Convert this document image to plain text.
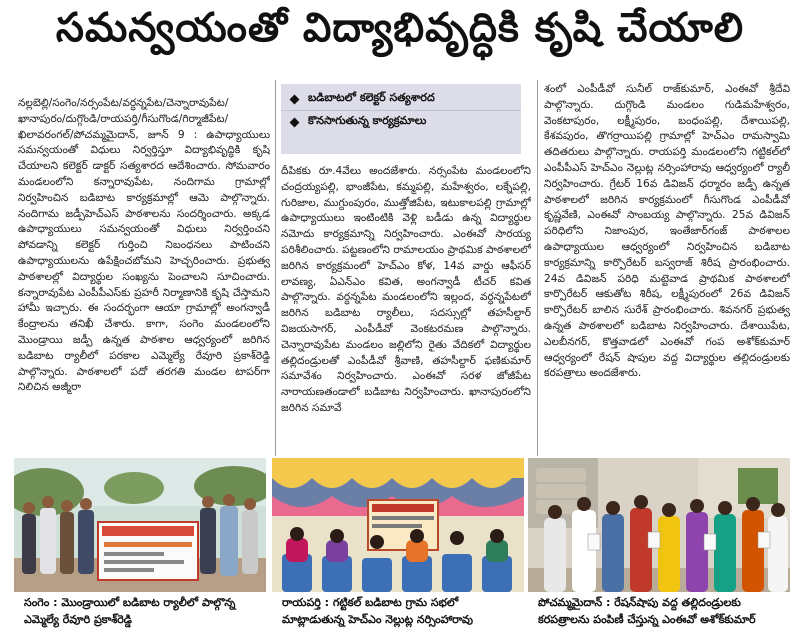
సమన్వయంతో విద్యాభివృద్ధికి కృషి చేయాలి
బడిబాటలో కలెక్టర్ సత్యశారద
కొనసాగుతున్న కార్యక్రమాలు

నల్లబెల్లి/సంగెం/నర్సంపేట/వర్ధన్నపేట/చెన్నారావుపేట/ఖానాపురం/దుగ్గొండి/రాయపర్తి/గీసుగొండ/గిర్మాజీపేట/ఖిలావరంగల్/పోచమ్మమైదాన్, జూన్ 9 : ఉపాధ్యాయులు సమన్వయంతో విధులు నిర్వర్తిస్తూ విద్యాభివృద్ధికి కృషి చేయాలని కలెక్టర్ డాక్టర్ సత్యశారద ఆదేశించారు. సోమవారం మండలంలోని కన్నారావుపేట, నందిగామ గ్రామాల్లో నిర్వహించిన బడిబాట కార్యక్రమాల్లో ఆమె పాల్గొన్నారు. నందిగామ జడ్పీహెచ్ఎస్ పాఠశాలను సందర్శించారు. అక్కడ ఉపాధ్యాయులు సమన్వయంతో విధులు నిర్వర్తించని పోవడాన్ని కలెక్టర్ గుర్తించి నిబంధనలు పాటించని ఉపాధ్యాయులను ఉపేక్షించబోమని హెచ్చరించారు. ప్రభుత్వ పాఠశాలల్లో విద్యార్థుల సంఖ్యను పెంచాలని సూచించారు. కన్నారావుపేట ఎంపీపీఎస్‌కు ప్రహరీ నిర్మాణానికి కృషి చేస్తామని హామీ ఇచ్చారు. ఈ సందర్భంగా ఆయా గ్రామాల్లో అంగన్వాడీ కేంద్రాలను తనిఖీ చేశారు. కాగా, సంగెం మండలంలోని మొండ్రాయి జడ్పీ ఉన్నత పాఠశాల ఆధ్వర్యంలో జరిగిన బడిబాట ర్యాలీలో పరకాల ఎమ్మెల్యే రేవూరి ప్రకాశ్‌రెడ్డి పాల్గొన్నారు. పాఠశాలలో పదో తరగతి మండల టాపర్‌గా నిలిచిన అజ్మీరా

దీపికకు రూ.4వేలు అందజేశారు. నర్సంపేట మండలంలోని చంద్రయ్యపల్లి, భాంజీపేట, కమ్మపల్లి, మహేశ్వరం, లక్నేపల్లి, గురిజాల, ముగ్దుంపురం, ముత్తోజిపేట, ఇటుకాలపల్లి గ్రామాల్లో ఉపాధ్యాయులు ఇంటింటికి వెళ్లి బడీడు ఉన్న విద్యార్థుల నమోదు కార్యక్రమాన్ని నిర్వహించారు. ఎంఈవో సారయ్య పరిశీలించారు. పట్టణంలోని రామాలయం ప్రాథమిక పాఠశాలలో జరిగిన కార్యక్రమంలో హెచ్ఎం కోళ, 14వ వార్డు ఆఫీసర్ లావణ్య, ఏఎన్ఎం కవిత, అంగన్వాడీ టీచర్ కవిత పాల్గొన్నారు. వర్ధన్నపేట మండలంలోని ఇల్లంద, వర్ధన్నపేటలో జరిగిన బడిబాట ర్యాలీలు, సదస్సుల్లో తహసీల్దార్ విజయసాగర్, ఎంపీడీవో వెంకటరమణ పాల్గొన్నారు. చెన్నారావుపేట మండలం జల్లిలోని రైతు వేదికలో విద్యార్థుల తల్లిదండ్రులతో ఎంపీడీవో శ్రీవాణి, తహసీల్దార్ ఫణికుమార్ సమావేశం నిర్వహించారు. ఎంఈవో సరళ జోజీపేట నారాయణతండాలో బడిబాట నిర్వహించారు. ఖానాపురంలోని జరిగిన సమావే

శంలో ఎంపీడీవో సునీల్ రాజ్‌కుమార్, ఎంఈవో శ్రీదేవి పాల్గొన్నారు. దుగ్గొండి మండలం గుడిమహేశ్వరం, వెంకటాపురం, లక్ష్మీపురం, బంధంపల్లి, దేశాయిపల్లి, కేశవపురం, తొగర్రాయిపల్లి గ్రామాల్లో హెచ్ఎం రామస్వామి తదితరులు పాల్గొన్నారు. రాయపర్తి మండలంలోని గట్టికల్‌లో ఎంపీపీఎస్ హెచ్ఎం నెల్లుట్ల నర్సింహారావు ఆధ్వర్యంలో ర్యాలీ నిర్వహించారు. గ్రేటర్ 16వ డివిజన్ ధర్మారం జడ్పీ ఉన్నత పాఠశాలలో జరిగిన కార్యక్రమంలో గీసుగొండ ఎంపీడీవో కృష్ణవేణి, ఎంఈవో సాంబయ్య పాల్గొన్నారు. 25వ డివిజన్ పరిధిలోని నిజాంపుర, ఇంతేజార్‌గంజ్ పాఠశాలల ఉపాధ్యాయుల ఆధ్వర్యంలో నిర్వహించిన బడిబాట కార్యక్రమాన్ని కార్పొరేటర్ బస్వరాజ్ శిరీష ప్రారంభించారు. 24వ డివిజన్ పరిధి మట్టెవాడ ప్రాథమిక పాఠశాలలో కార్పొరేటర్ ఆకుతోట శిరీష, లక్ష్మీపురంలో 26వ డివిజన్ కార్పొరేటర్ బాలిన సురేశ్ ప్రారంభించారు. శివనగర్ ప్రభుత్వ ఉన్నత పాఠశాలలో బడిబాట నిర్వహించారు. దేశాయిపేట, ఎలబీనగర్, కొత్తవాడలో ఎంఈవో గంప అశోక్‌కుమార్ ఆధ్వర్యంలో రేషన్ షాపుల వద్ద విద్యార్థుల తల్లిదండ్రులకు కరపత్రాలు అందజేశారు.

సంగెం : మొండ్రాయిలో బడిబాట ర్యాలీలో పాల్గొన్న ఎమ్మెల్యే రేవూరి ప్రకాశ్‌రెడ్డి
రాయపర్తి : గట్టికల్ బడిబాట గ్రామ సభలో మాట్లాడుతున్న హెచ్ఎం నెల్లుట్ల నర్సింహారావు
పోచమ్మమైదాన్ : రేషన్‌షాపు వద్ద తల్లిదండ్రులకు కరపత్రాలను పంపిణీ చేస్తున్న ఎంఈవో అశోక్‌కుమార్
